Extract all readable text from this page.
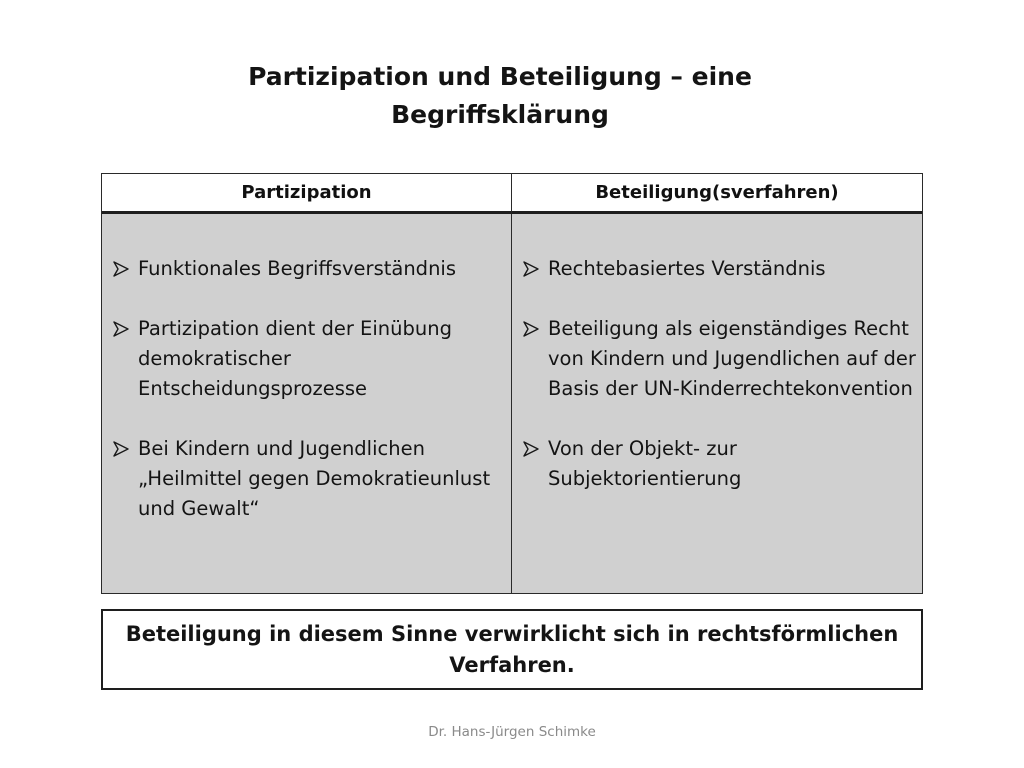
Partizipation und Beteiligung – eine Begriffsklärung
Partizipation	Beteiligung(sverfahren)
Funktionales Begriffsverständnis
Partizipation dient der Einübung demokratischer Entscheidungsprozesse
Bei Kindern und Jugendlichen „Heilmittel gegen Demokratieunlust und Gewalt“
Rechtebasiertes Verständnis
Beteiligung als eigenständiges Recht von Kindern und Jugendlichen auf der Basis der UN-Kinderrechtekonvention
Von der Objekt- zur Subjektorientierung
Beteiligung in diesem Sinne verwirklicht sich in rechtsförmlichen Verfahren.
Dr. Hans-Jürgen Schimke
